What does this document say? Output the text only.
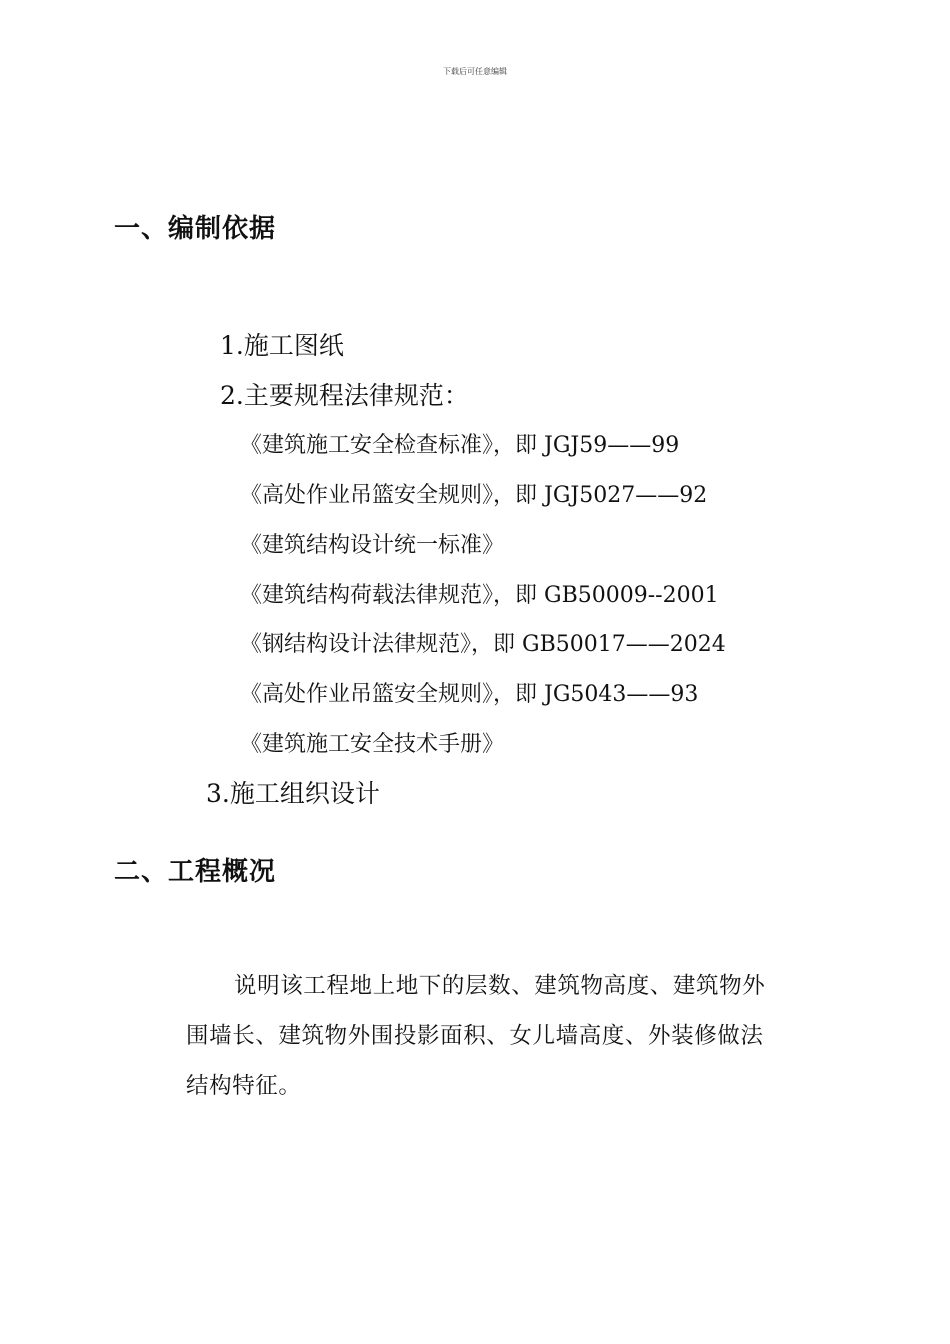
下载后可任意编辑
一、编制依据
1.施工图纸
2.主要规程法律规范：
《建筑施工安全检查标准》，即 JGJ59——99
《高处作业吊篮安全规则》，即 JGJ5027——92
《建筑结构设计统一标准》
《建筑结构荷载法律规范》，即 GB50009--2001
《钢结构设计法律规范》，即 GB50017——2024
《高处作业吊篮安全规则》，即 JG5043——93
《建筑施工安全技术手册》
3.施工组织设计
二、工程概况
说明该工程地上地下的层数、建筑物高度、建筑物外
围墙长、建筑物外围投影面积、女儿墙高度、外装修做法
结构特征。
